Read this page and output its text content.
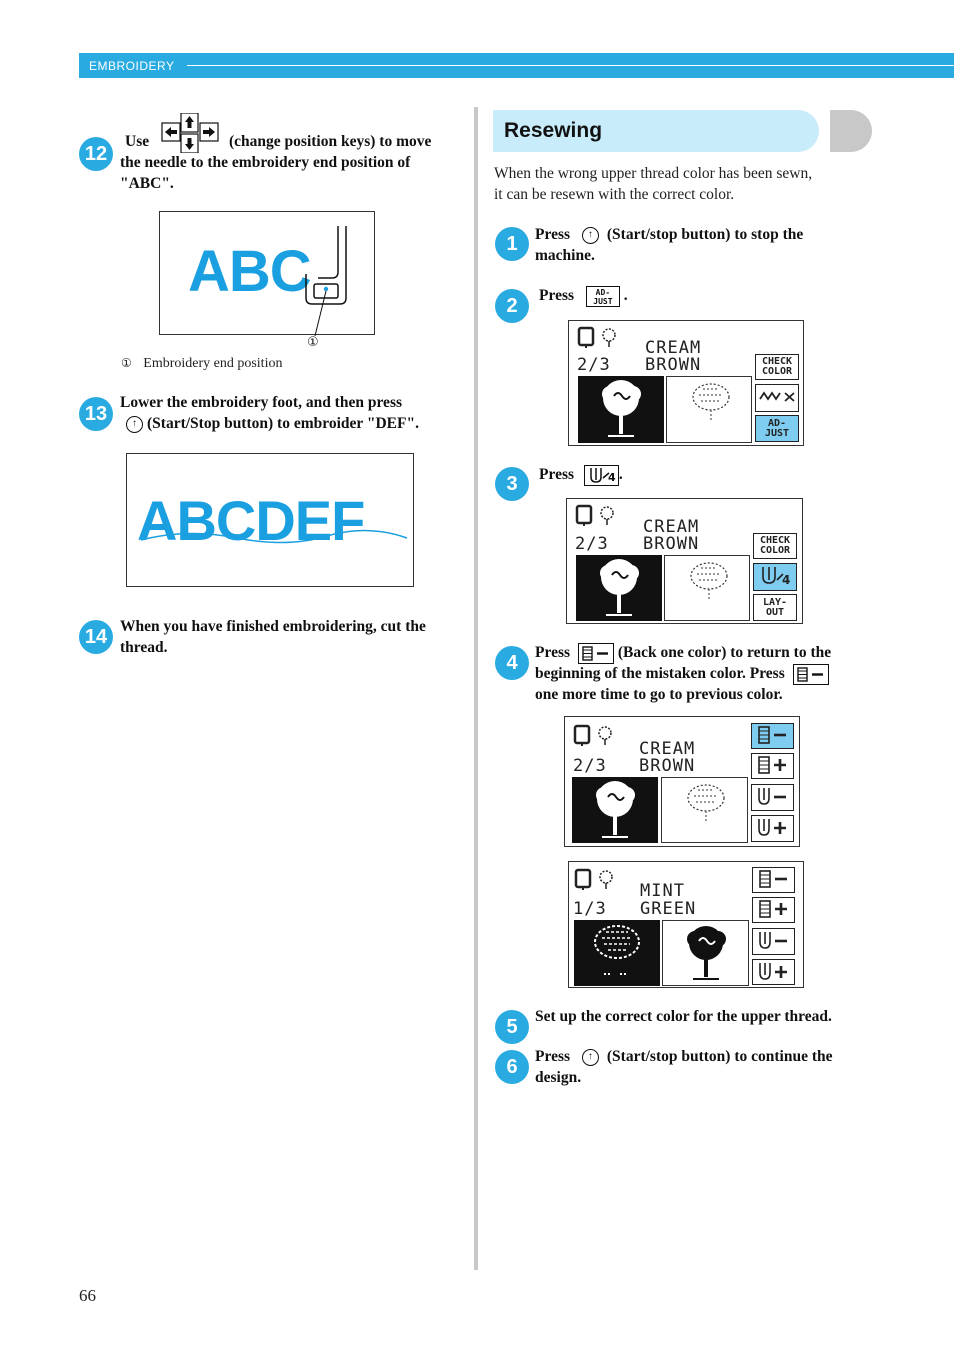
EMBROIDERY
12
Use	(change position keys) to move
the needle to the embroidery end position of
"ABC".
ABC
①
① Embroidery end position
13
Lower the embroidery foot, and then press
↑ (Start/Stop button) to embroider "DEF".
ABCDEF
14 When you have finished embroidering, cut the
thread.
Resewing
When the wrong upper thread color has been sewn,
it can be resewn with the correct color.
1	Press ↑ (Start/stop button) to stop the
machine.
2	Press	AD- JUST .
2/3
CREAM
BROWN	CHECK COLOR
AD- JUST
3	Press	4 .
2/3
CREAM
BROWN	CHECK COLOR
4
LAY- OUT
4	Press	(Back one color) to return to the
beginning of the mistaken color. Press
one more time to go to previous color.
2/3
CREAM
BROWN
1/3
MINT
GREEN
5	Set up the correct color for the upper thread.
6	Press ↑ (Start/stop button) to continue the
design.
66
